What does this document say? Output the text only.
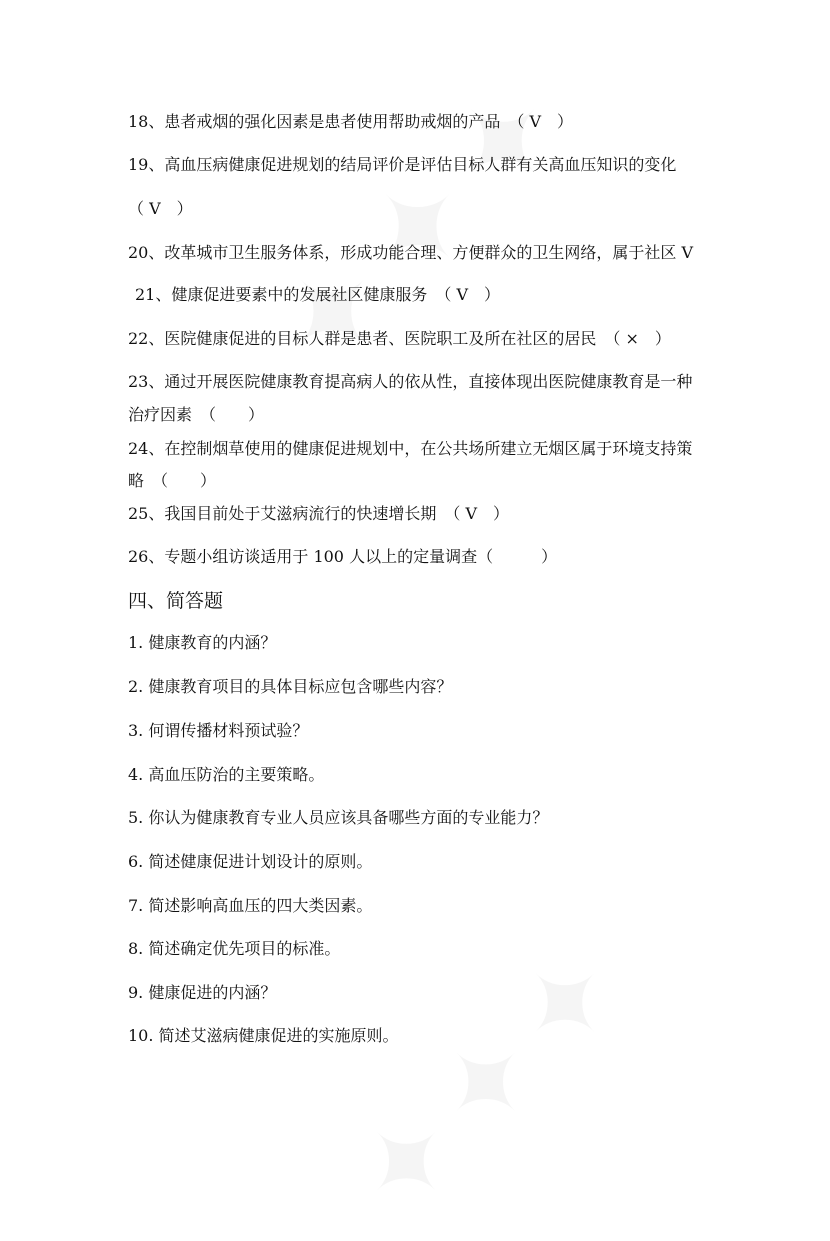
18、患者戒烟的强化因素是患者使用帮助戒烟的产品　（ V　）
19、高血压病健康促进规划的结局评价是评估目标人群有关高血压知识的变化
（ V　）
20、改革城市卫生服务体系，形成功能合理、方便群众的卫生网络，属于社区 V
21、健康促进要素中的发展社区健康服务　（ V　）
22、医院健康促进的目标人群是患者、医院职工及所在社区的居民　（ ×　）
23、通过开展医院健康教育提高病人的依从性，直接体现出医院健康教育是一种
治疗因素　（　　）
24、在控制烟草使用的健康促进规划中，在公共场所建立无烟区属于环境支持策
略　（　　）
25、我国目前处于艾滋病流行的快速增长期　（ V　）
26、专题小组访谈适用于 100 人以上的定量调查（　　　）
四、简答题
1. 健康教育的内涵？
2. 健康教育项目的具体目标应包含哪些内容？
3. 何谓传播材料预试验？
4. 高血压防治的主要策略。
5. 你认为健康教育专业人员应该具备哪些方面的专业能力？
6. 简述健康促进计划设计的原则。
7. 简述影响高血压的四大类因素。
8. 简述确定优先项目的标准。
9. 健康促进的内涵？
10. 简述艾滋病健康促进的实施原则。
